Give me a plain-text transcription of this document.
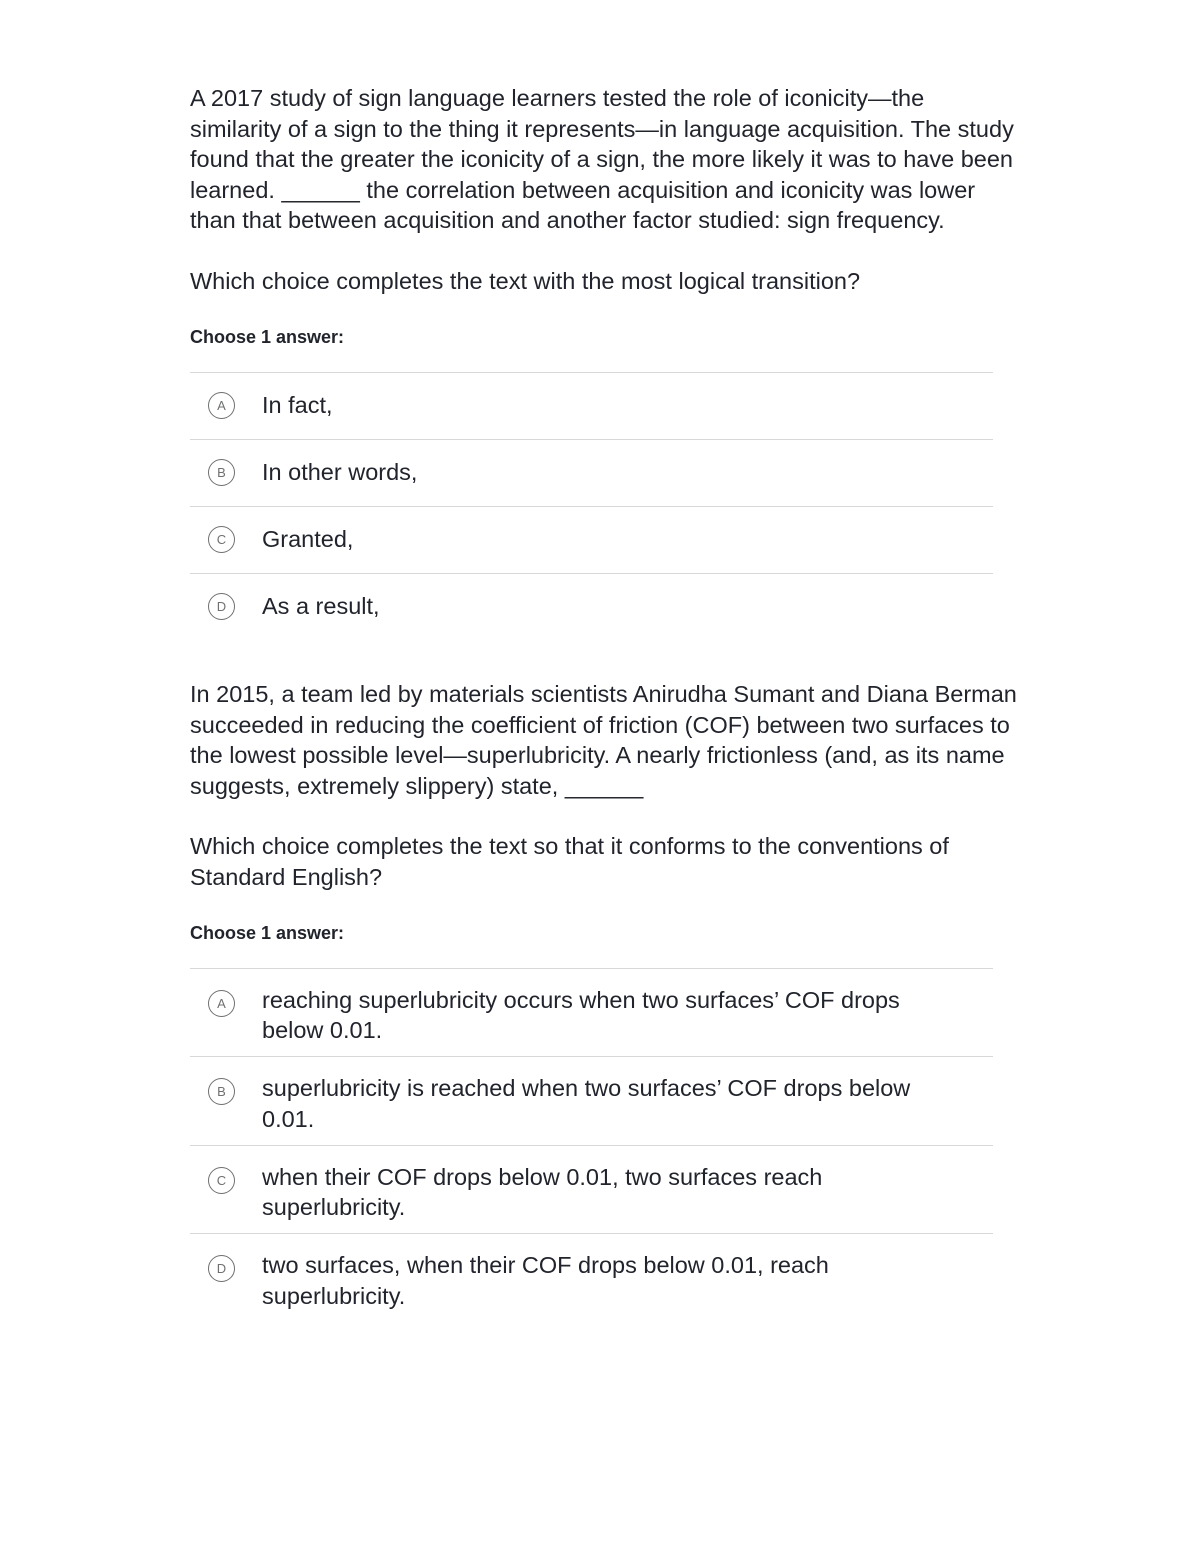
A 2017 study of sign language learners tested the role of iconicity—the similarity of a sign to the thing it represents—in language acquisition. The study found that the greater the iconicity of a sign, the more likely it was to have been learned. ______ the correlation between acquisition and iconicity was lower than that between acquisition and another factor studied: sign frequency.

Which choice completes the text with the most logical transition?

Choose 1 answer:

A	In fact,
B	In other words,
C	Granted,
D	As a result,

In 2015, a team led by materials scientists Anirudha Sumant and Diana Berman succeeded in reducing the coefficient of friction (COF) between two surfaces to the lowest possible level—superlubricity. A nearly frictionless (and, as its name suggests, extremely slippery) state, ______

Which choice completes the text so that it conforms to the conventions of Standard English?

Choose 1 answer:

A	reaching superlubricity occurs when two surfaces’ COF drops below 0.01.
B	superlubricity is reached when two surfaces’ COF drops below 0.01.
C	when their COF drops below 0.01, two surfaces reach superlubricity.
D	two surfaces, when their COF drops below 0.01, reach superlubricity.
